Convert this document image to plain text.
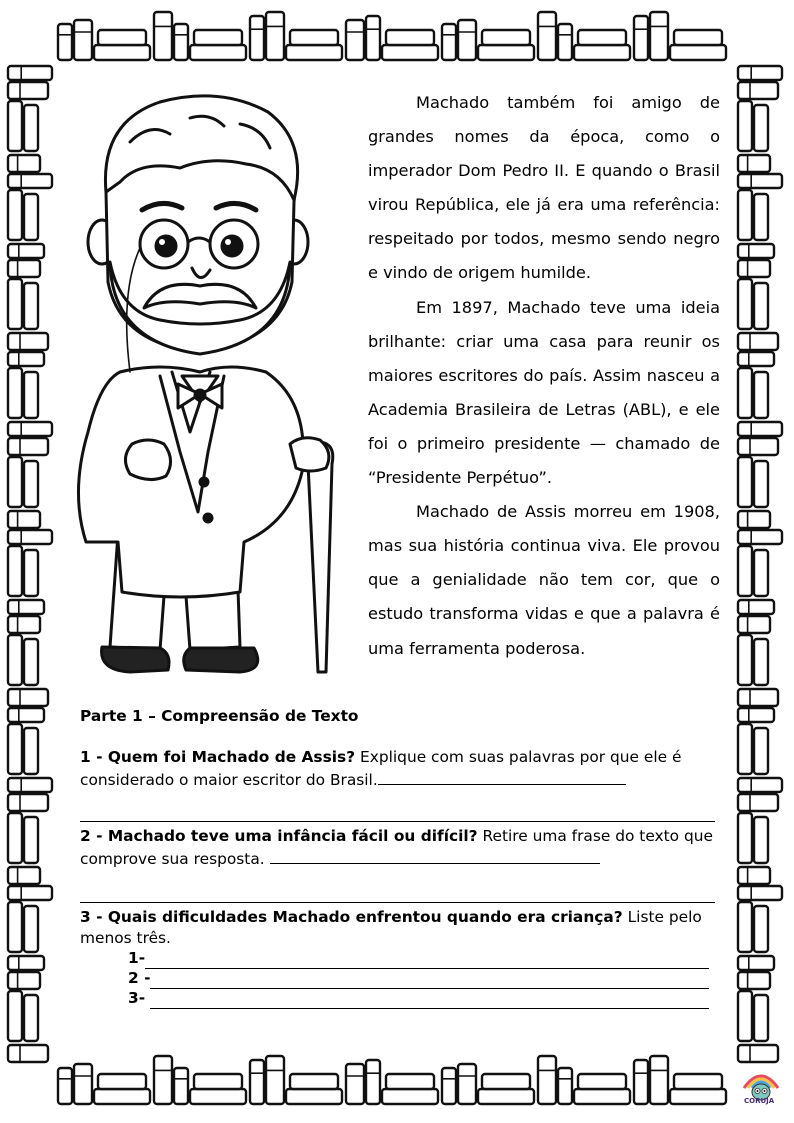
Machado também foi amigo de grandes nomes da época, como o imperador Dom Pedro II. E quando o Brasil virou República, ele já era uma referência: respeitado por todos, mesmo sendo negro e vindo de origem humilde.

Em 1897, Machado teve uma ideia brilhante: criar uma casa para reunir os maiores escritores do país. Assim nasceu a Academia Brasileira de Letras (ABL), e ele foi o primeiro presidente — chamado de “Presidente Perpétuo”.

Machado de Assis morreu em 1908, mas sua história continua viva. Ele provou que a genialidade não tem cor, que o estudo transforma vidas e que a palavra é uma ferramenta poderosa.

Parte 1 – Compreensão de Texto

1 - Quem foi Machado de Assis? Explique com suas palavras por que ele é considerado o maior escritor do Brasil.

2 - Machado teve uma infância fácil ou difícil? Retire uma frase do texto que comprove sua resposta.

3 - Quais dificuldades Machado enfrentou quando era criança? Liste pelo menos três.

1-
2 -
3-
CORUJA
